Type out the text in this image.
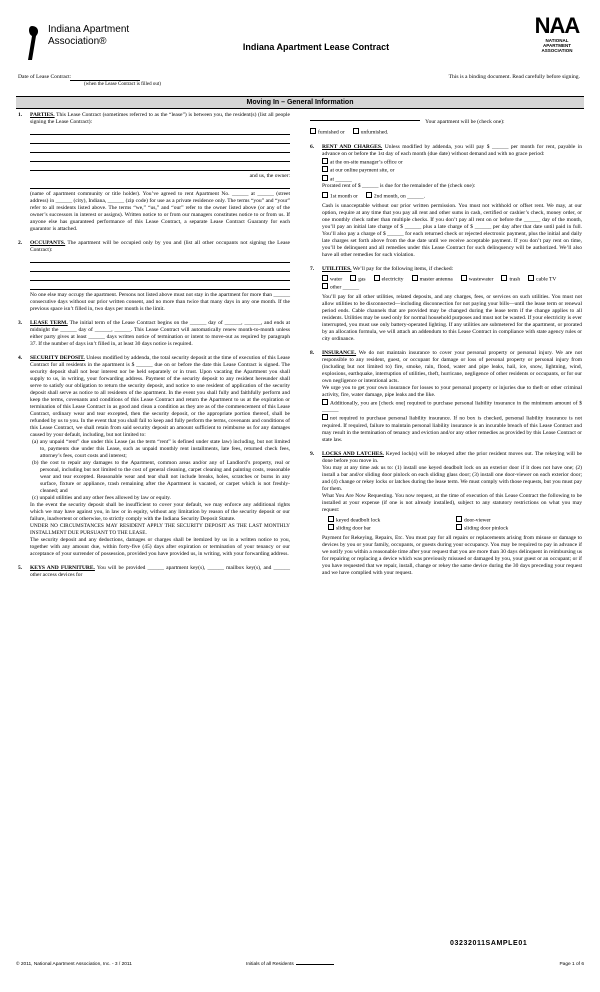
Indiana Apartment
Association®	Indiana Apartment Lease Contract
NAA
NATIONAL
APARTMENT
ASSOCIATION
Date of Lease Contract:
(when the Lease Contract is filled out)
This is a binding document. Read carefully before signing.
Moving In – General Information
1. PARTIES. This Lease Contract (sometimes referred to as the “lease”) is between you, the resident(s) (list all people signing the Lease Contract):
and us, the owner:
(name of apartment community or title holder). You’ve agreed to rent Apartment No. ______ at ______ (street address) in ______ (city), Indiana, ______ (zip code) for use as a private residence only. The terms “you” and “your” refer to all residents listed above. The terms “we,” “us,” and “our” refer to the owner listed above (or any of the owner’s successors in interest or assigns). Written notice to or from our managers constitutes notice to or from us. If anyone else has guaranteed performance of this Lease Contract, a separate Lease Contract Guaranty for each guarantor is attached.
2. OCCUPANTS. The apartment will be occupied only by you and (list all other occupants not signing the Lease Contract):
No one else may occupy the apartment. Persons not listed above must not stay in the apartment for more than ______ consecutive days without our prior written consent, and no more than twice that many days in any one month. If the previous space isn’t filled in, two days per month is the limit.
3. LEASE TERM. The initial term of the Lease Contract begins on the ______ day of ______, ______, and ends at midnight the ______ day of ______, ______. This Lease Contract will automatically renew month-to-month unless either party gives at least ______ days written notice of termination or intent to move-out as required by paragraph 37. If the number of days isn’t filled in, at least 30 days notice is required.
4. SECURITY DEPOSIT. Unless modified by addenda, the total security deposit at the time of execution of this Lease Contract for all residents in the apartment is $ ______ due on or before the date this Lease Contract is signed. The security deposit shall not bear interest nor be held separately or in trust. Upon vacating the Apartment you shall supply to us, in writing, your forwarding address. Payment of the security deposit to any resident hereunder shall serve to satisfy our obligation to return the security deposit, and notice to one resident of application of the security deposit shall serve as notice to all residents of the apartment. In the event you shall fully and faithfully perform and keep the terms, covenants and conditions of this Lease Contract and return the Apartment to us at the expiration or termination of this Lease Contract in as good and clean a condition as they are as of the commencement of this Lease Contract, ordinary wear and tear excepted, then the security deposit, or the appropriate portion thereof, shall be refunded by us to you. In the event that you shall fail to keep and fully perform the terms, covenants and conditions of this Lease Contract, we shall retain from said security deposit an amount sufficient to reimburse us for any damages caused by your default, including, but not limited to:
(a) any unpaid “rent” due under this Lease (as the term “rent” is defined under state law) including, but not limited to, payments due under this Lease, such as unpaid monthly rent installments, late fees, returned check fees, attorney’s fees, court costs and interest;
(b) the cost to repair any damages to the Apartment, common areas and/or any of Landlord’s property, real or personal, including but not limited to the cost of general cleaning, carpet cleaning and painting costs, reasonable wear and tear excepted. Reasonable wear and tear shall not include breaks, holes, scratches or burns in any surface, fixture or appliance, trash remaining after the Apartment is vacated, or carpet which is not freshly-cleaned; and
(c) unpaid utilities and any other fees allowed by law or equity.
In the event the security deposit shall be insufficient to cover your default, we may enforce any additional rights which we may have against you, in law or in equity, without any limitation by reason of the security deposit or our failure, inadvertent or otherwise, to strictly comply with the Indiana Security Deposit Statute.
UNDER NO CIRCUMSTANCES MAY RESIDENT APPLY THE SECURITY DEPOSIT AS THE LAST MONTHLY INSTALLMENT DUE PURSUANT TO THE LEASE.
The security deposit and any deductions, damages or charges shall be itemized by us in a written notice to you, together with any amount due, within forty-five (45) days after expiration or termination of your tenancy or our acceptance of your surrender of possession, provided you have provided us, in writing, with your forwarding address.
5. KEYS AND FURNITURE. You will be provided ______ apartment key(s), ______ mailbox key(s), and ______ other access devices for
Your apartment will be (check one):
furnished or	unfurnished.
6. RENT AND CHARGES. Unless modified by addenda, you will pay $ ______ per month for rent, payable in advance on or before the 1st day of each month (due date) without demand and with no grace period:
at the on-site manager’s office or
at our online payment site, or
at ______
Prorated rent of $ ______ is due for the remainder of the (check one):
1st month or	2nd month, on ______.
Cash is unacceptable without our prior written permission. You must not withhold or offset rent. We may, at our option, require at any time that you pay all rent and other sums in cash, certified or cashier’s check, money order, or one monthly check rather than multiple checks. If you don’t pay all rent on or before the ______ day of the month, you’ll pay an initial late charge of $ ______ plus a late charge of $ ______ per day after that date until paid in full. You’ll also pay a charge of $ ______ for each returned check or rejected electronic payment, plus the initial and daily late charges set forth above from the due date until we receive acceptable payment. If you don’t pay rent on time, you’ll be delinquent and all remedies under this Lease Contract for such delinquency will be authorized. We’ll also have all other remedies for such violation.
7. UTILITIES. We’ll pay for the following items, if checked:
water	gas	electricity	master antenna	wastewater	trash	cable TV
other ______
You’ll pay for all other utilities, related deposits, and any charges, fees, or services on such utilities. You must not allow utilities to be disconnected—including disconnection for not paying your bills—until the lease term or renewal period ends. Cable channels that are provided may be changed during the lease term if the change applies to all residents. Utilities may be used only for normal household purposes and must not be wasted. If your electricity is ever interrupted, you must use only battery-operated lighting. If any utilities are submetered for the apartment, or prorated by an allocation formula, we will attach an addendum to this Lease Contract in compliance with state agency rules or city ordinance.
8. INSURANCE. We do not maintain insurance to cover your personal property or personal injury. We are not responsible to any resident, guest, or occupant for damage or loss of personal property or personal injury from (including but not limited to) fire, smoke, rain, flood, water and pipe leaks, hail, ice, snow, lightning, wind, explosions, earthquake, interruption of utilities, theft, hurricane, negligence of other residents or occupants, or for our own negligence or intentional acts.
We urge you to get your own insurance for losses to your personal property or injuries due to theft or other criminal activity, fire, water damage, pipe leaks and the like.
Additionally, you are [check one] required to purchase personal liability insurance in the minimum amount of $ ______
not required to purchase personal liability insurance. If no box is checked, personal liability insurance is not required. If required, failure to maintain personal liability insurance is an incurable breach of this Lease Contract and may result in the termination of tenancy and eviction and/or any other remedies as provided by this Lease Contract or state law.
9. LOCKS AND LATCHES. Keyed lock(s) will be rekeyed after the prior resident moves out. The rekeying will be done before you move in.
You may at any time ask us to: (1) install one keyed deadbolt lock on an exterior door if it does not have one; (2) install a bar and/or sliding door pinlock on each sliding glass door; (3) install one door-viewer on each exterior door; and (4) change or rekey locks or latches during the lease term. We must comply with those requests, but you must pay for them.
What You Are Now Requesting. You now request, at the time of execution of this Lease Contract the following to be installed at your expense (if one is not already installed), subject to any statutory restrictions on what you may request:
keyed deadbolt lock	door-viewer
sliding door bar	sliding door pinlock
Payment for Rekeying, Repairs, Etc. You must pay for all repairs or replacements arising from misuse or damage to devices by you or your family, occupants, or guests during your occupancy. You may be required to pay in advance if we notify you within a reasonable time after your request that you are more than 30 days delinquent in reimbursing us for repairing or replacing a device which was previously misused or damaged by you, your guest or an occupant; or if you have requested that we repair, install, change or rekey the same device during the 30 days preceding your request and we have complied with your request.
03232011SAMPLE01
© 2011, National Apartment Association, Inc. - 3 / 2011	Initials of all Residents	Page 1 of 6
